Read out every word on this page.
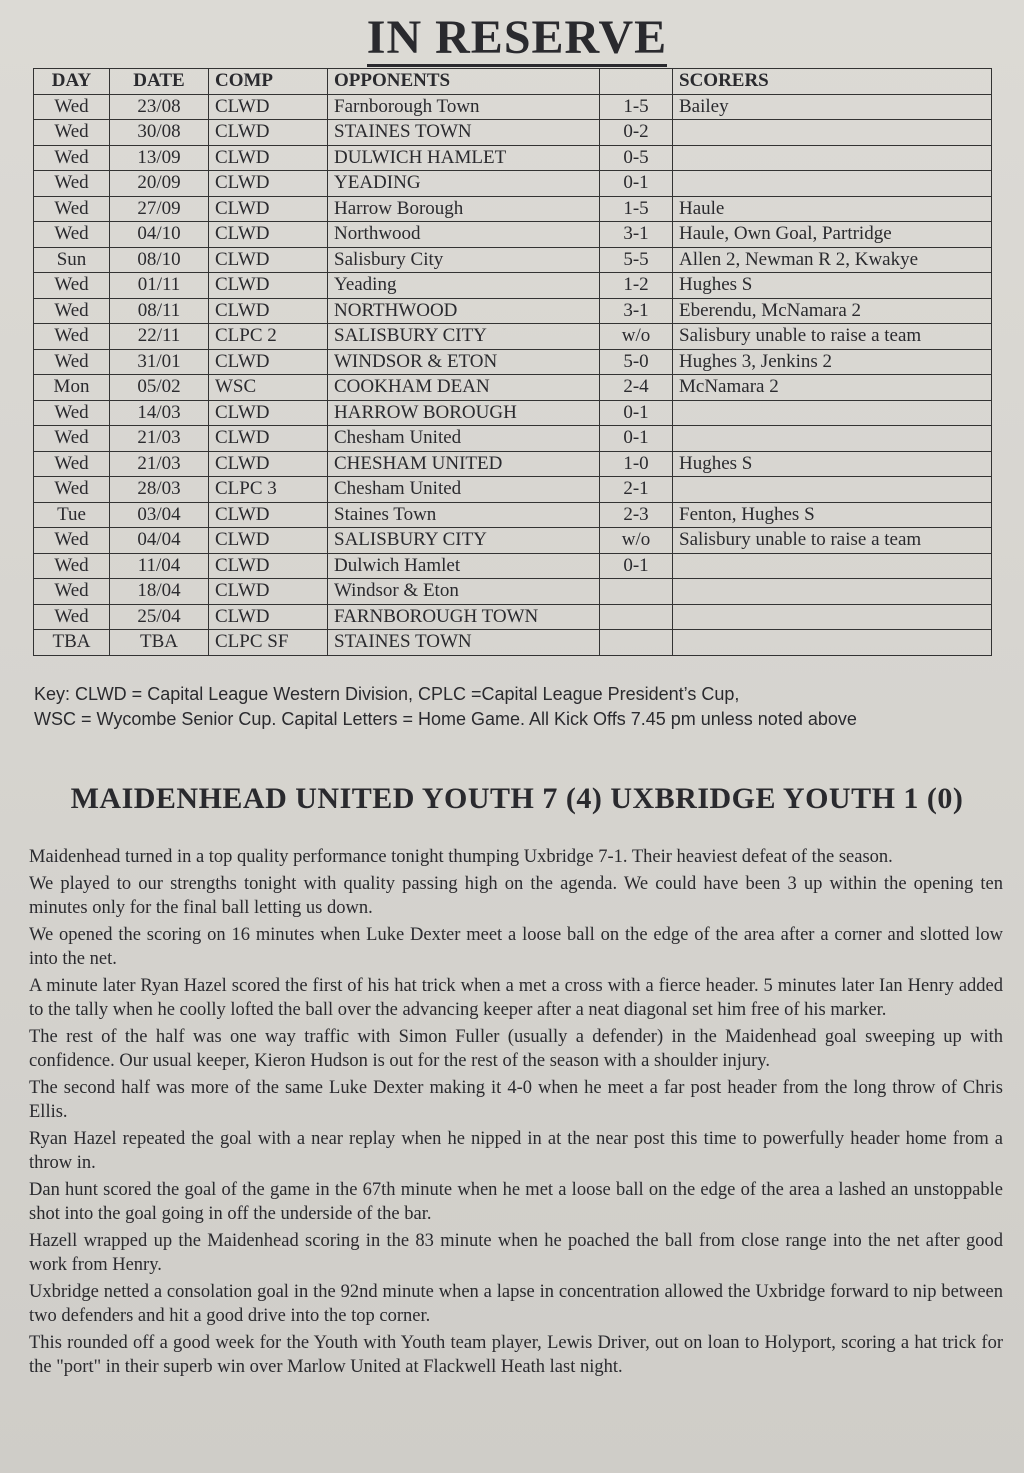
IN RESERVE
DAY	DATE	COMP	OPPONENTS		SCORERS
Wed	23/08	CLWD	Farnborough Town	1-5	Bailey
Wed	30/08	CLWD	STAINES TOWN	0-2	
Wed	13/09	CLWD	DULWICH HAMLET	0-5	
Wed	20/09	CLWD	YEADING	0-1	
Wed	27/09	CLWD	Harrow Borough	1-5	Haule
Wed	04/10	CLWD	Northwood	3-1	Haule, Own Goal, Partridge
Sun	08/10	CLWD	Salisbury City	5-5	Allen 2, Newman R 2, Kwakye
Wed	01/11	CLWD	Yeading	1-2	Hughes S
Wed	08/11	CLWD	NORTHWOOD	3-1	Eberendu, McNamara 2
Wed	22/11	CLPC 2	SALISBURY CITY	w/o	Salisbury unable to raise a team
Wed	31/01	CLWD	WINDSOR & ETON	5-0	Hughes 3, Jenkins 2
Mon	05/02	WSC	COOKHAM DEAN	2-4	McNamara 2
Wed	14/03	CLWD	HARROW BOROUGH	0-1	
Wed	21/03	CLWD	Chesham United	0-1	
Wed	21/03	CLWD	CHESHAM UNITED	1-0	Hughes S
Wed	28/03	CLPC 3	Chesham United	2-1	
Tue	03/04	CLWD	Staines Town	2-3	Fenton, Hughes S
Wed	04/04	CLWD	SALISBURY CITY	w/o	Salisbury unable to raise a team
Wed	11/04	CLWD	Dulwich Hamlet	0-1	
Wed	18/04	CLWD	Windsor & Eton		
Wed	25/04	CLWD	FARNBOROUGH TOWN		
TBA	TBA	CLPC SF	STAINES TOWN		
Key: CLWD = Capital League Western Division, CPLC =Capital League President’s Cup,
WSC = Wycombe Senior Cup. Capital Letters = Home Game. All Kick Offs 7.45 pm unless noted above
MAIDENHEAD UNITED YOUTH 7 (4) UXBRIDGE YOUTH 1 (0)

Maidenhead turned in a top quality performance tonight thumping Uxbridge 7-1. Their heaviest defeat of the season.

We played to our strengths tonight with quality passing high on the agenda. We could have been 3 up within the opening ten minutes only for the final ball letting us down.

We opened the scoring on 16 minutes when Luke Dexter meet a loose ball on the edge of the area after a corner and slotted low into the net.

A minute later Ryan Hazel scored the first of his hat trick when a met a cross with a fierce header. 5 minutes later Ian Henry added to the tally when he coolly lofted the ball over the advancing keeper after a neat diagonal set him free of his marker.

The rest of the half was one way traffic with Simon Fuller (usually a defender) in the Maidenhead goal sweeping up with confidence. Our usual keeper, Kieron Hudson is out for the rest of the season with a shoulder injury.

The second half was more of the same Luke Dexter making it 4-0 when he meet a far post header from the long throw of Chris Ellis.

Ryan Hazel repeated the goal with a near replay when he nipped in at the near post this time to powerfully header home from a throw in.

Dan hunt scored the goal of the game in the 67th minute when he met a loose ball on the edge of the area a lashed an unstoppable shot into the goal going in off the underside of the bar.

Hazell wrapped up the Maidenhead scoring in the 83 minute when he poached the ball from close range into the net after good work from Henry.

Uxbridge netted a consolation goal in the 92nd minute when a lapse in concentration allowed the Uxbridge forward to nip between two defenders and hit a good drive into the top corner.

This rounded off a good week for the Youth with Youth team player, Lewis Driver, out on loan to Holyport, scoring a hat trick for the "port" in their superb win over Marlow United at Flackwell Heath last night.
